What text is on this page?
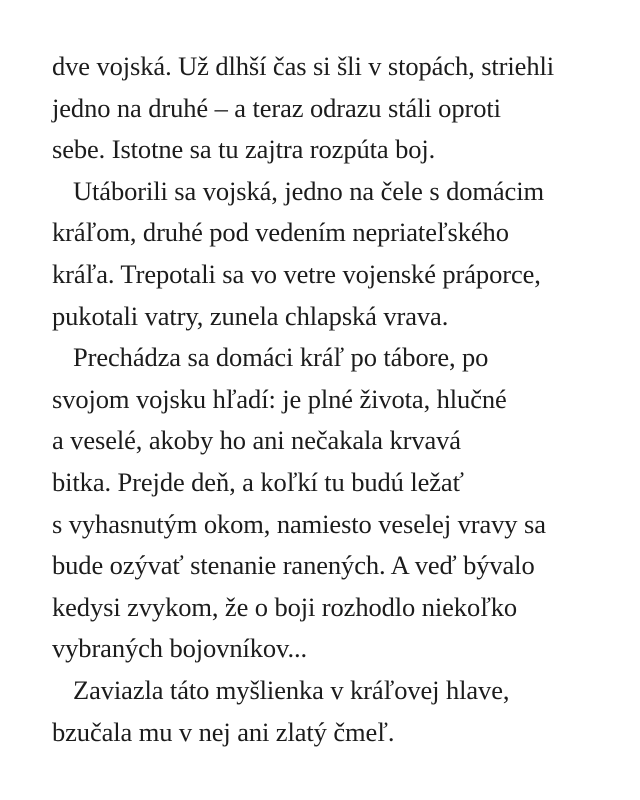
dve vojská. Už dlhší čas si šli v stopách, striehli
jedno na druhé – a teraz odrazu stáli oproti
sebe. Istotne sa tu zajtra rozpúta boj.
Utáborili sa vojská, jedno na čele s domácim
kráľom, druhé pod vedením nepriateľského
kráľa. Trepotali sa vo vetre vojenské práporce,
pukotali vatry, zunela chlapská vrava.
Prechádza sa domáci kráľ po tábore, po
svojom vojsku hľadí: je plné života, hlučné
a veselé, akoby ho ani nečakala krvavá
bitka. Prejde deň, a koľkí tu budú ležať
s vyhasnutým okom, namiesto veselej vravy sa
bude ozývať stenanie ranených. A veď bývalo
kedysi zvykom, že o boji rozhodlo niekoľko
vybraných bojovníkov...
Zaviazla táto myšlienka v kráľovej hlave,
bzučala mu v nej ani zlatý čmeľ.
